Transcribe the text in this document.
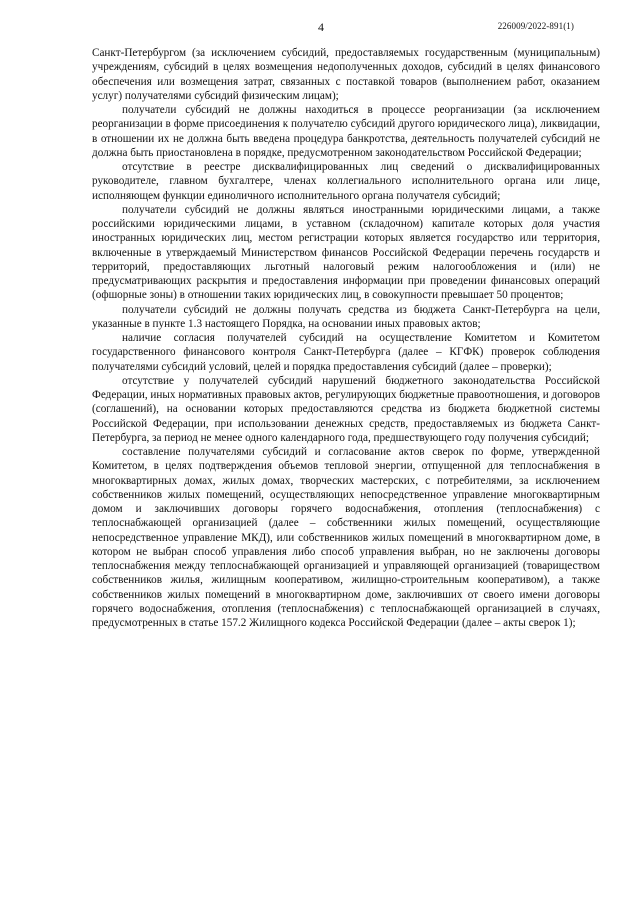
4	226009/2022-891(1)

Санкт-Петербургом (за исключением субсидий, предоставляемых государственным (муниципальным) учреждениям, субсидий в целях возмещения недополученных доходов, субсидий в целях финансового обеспечения или возмещения затрат, связанных с поставкой товаров (выполнением работ, оказанием услуг) получателями субсидий физическим лицам);

получатели субсидий не должны находиться в процессе реорганизации (за исключением реорганизации в форме присоединения к получателю субсидий другого юридического лица), ликвидации, в отношении их не должна быть введена процедура банкротства, деятельность получателей субсидий не должна быть приостановлена в порядке, предусмотренном законодательством Российской Федерации;

отсутствие в реестре дисквалифицированных лиц сведений о дисквалифицированных руководителе, главном бухгалтере, членах коллегиального исполнительного органа или лице, исполняющем функции единоличного исполнительного органа получателя субсидий;

получатели субсидий не должны являться иностранными юридическими лицами, а также российскими юридическими лицами, в уставном (складочном) капитале которых доля участия иностранных юридических лиц, местом регистрации которых является государство или территория, включенные в утверждаемый Министерством финансов Российской Федерации перечень государств и территорий, предоставляющих льготный налоговый режим налогообложения и (или) не предусматривающих раскрытия и предоставления информации при проведении финансовых операций (офшорные зоны) в отношении таких юридических лиц, в совокупности превышает 50 процентов;

получатели субсидий не должны получать средства из бюджета Санкт-Петербурга на цели, указанные в пункте 1.3 настоящего Порядка, на основании иных правовых актов;

наличие согласия получателей субсидий на осуществление Комитетом и Комитетом государственного финансового контроля Санкт-Петербурга (далее – КГФК) проверок соблюдения получателями субсидий условий, целей и порядка предоставления субсидий (далее – проверки);

отсутствие у получателей субсидий нарушений бюджетного законодательства Российской Федерации, иных нормативных правовых актов, регулирующих бюджетные правоотношения, и договоров (соглашений), на основании которых предоставляются средства из бюджета бюджетной системы Российской Федерации, при использовании денежных средств, предоставляемых из бюджета Санкт-Петербурга, за период не менее одного календарного года, предшествующего году получения субсидий;

составление получателями субсидий и согласование актов сверок по форме, утвержденной Комитетом, в целях подтверждения объемов тепловой энергии, отпущенной для теплоснабжения в многоквартирных домах, жилых домах, творческих мастерских, с потребителями, за исключением собственников жилых помещений, осуществляющих непосредственное управление многоквартирным домом и заключивших договоры горячего водоснабжения, отопления (теплоснабжения) с теплоснабжающей организацией (далее – собственники жилых помещений, осуществляющие непосредственное управление МКД), или собственников жилых помещений в многоквартирном доме, в котором не выбран способ управления либо способ управления выбран, но не заключены договоры теплоснабжения между теплоснабжающей организацией и управляющей организацией (товариществом собственников жилья, жилищным кооперативом, жилищно-строительным кооперативом), а также собственников жилых помещений в многоквартирном доме, заключивших от своего имени договоры горячего водоснабжения, отопления (теплоснабжения) с теплоснабжающей организацией в случаях, предусмотренных в статье 157.2 Жилищного кодекса Российской Федерации (далее – акты сверок 1);
